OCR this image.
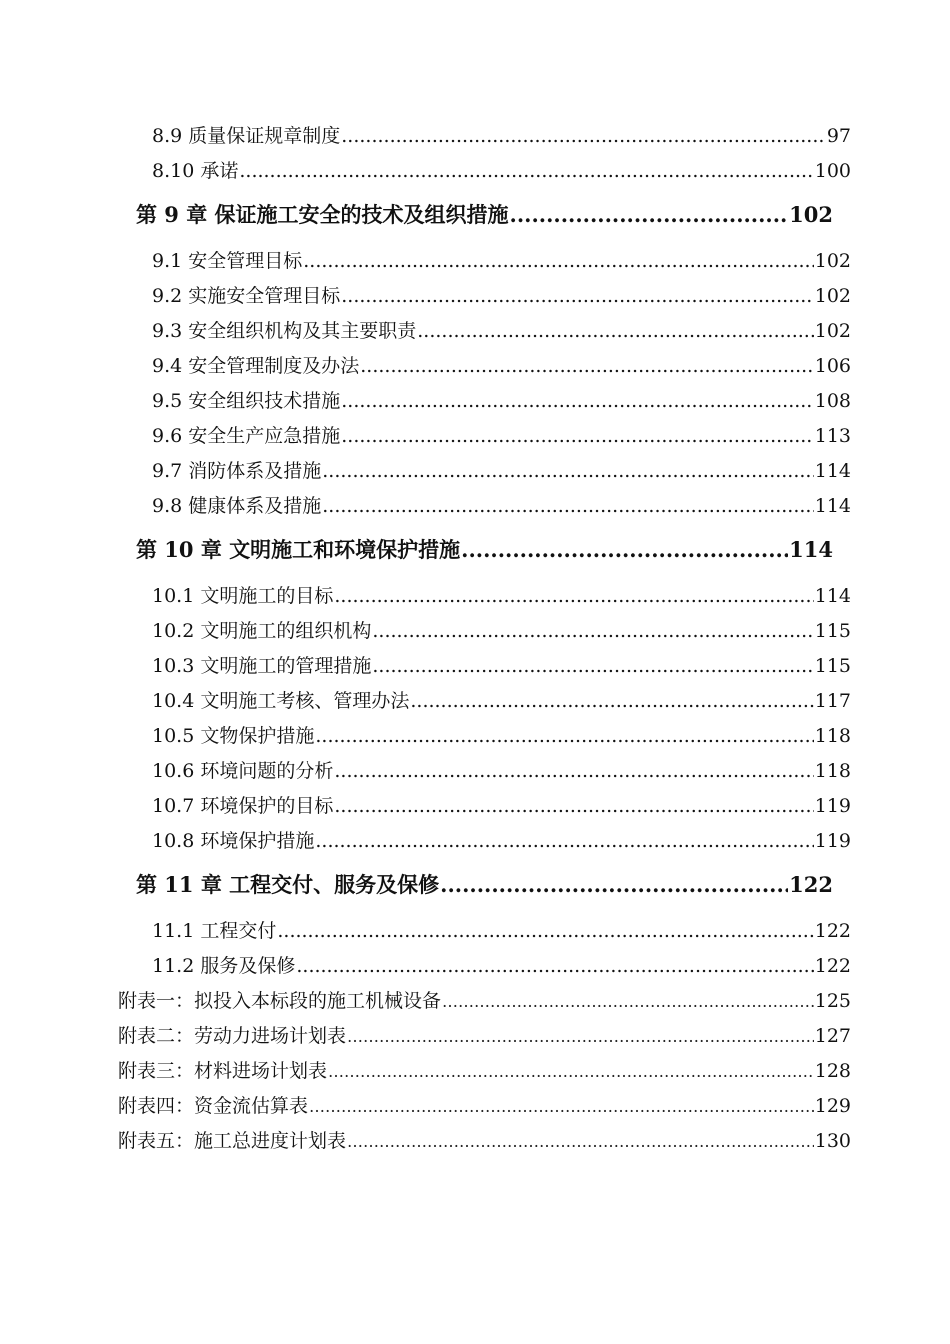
8.9 质量保证规章制度 .....	97
8.10 承诺 .....	100
第 9 章 保证施工安全的技术及组织措施 .....	102
9.1 安全管理目标 .....	102
9.2 实施安全管理目标 .....	102
9.3 安全组织机构及其主要职责 .....	102
9.4 安全管理制度及办法 .....	106
9.5 安全组织技术措施 .....	108
9.6 安全生产应急措施 .....	113
9.7 消防体系及措施 .....	114
9.8 健康体系及措施 .....	114
第 10 章 文明施工和环境保护措施 .....	114
10.1 文明施工的目标 .....	114
10.2 文明施工的组织机构 .....	115
10.3 文明施工的管理措施 .....	115
10.4 文明施工考核、管理办法 .....	117
10.5 文物保护措施 .....	118
10.6 环境问题的分析 .....	118
10.7 环境保护的目标 .....	119
10.8 环境保护措施 .....	119
第 11 章 工程交付、服务及保修 .....	122
11.1 工程交付 .....	122
11.2 服务及保修 .....	122
附表一：拟投入本标段的施工机械设备 …………………………………………………………………………………………………………………………………………………………………	125
附表二：劳动力进场计划表 …………………………………………………………………………………………………………………………………………………………………	127
附表三：材料进场计划表 …………………………………………………………………………………………………………………………………………………………………	128
附表四：资金流估算表 …………………………………………………………………………………………………………………………………………………………………	129
附表五：施工总进度计划表 …………………………………………………………………………………………………………………………………………………………………	130
